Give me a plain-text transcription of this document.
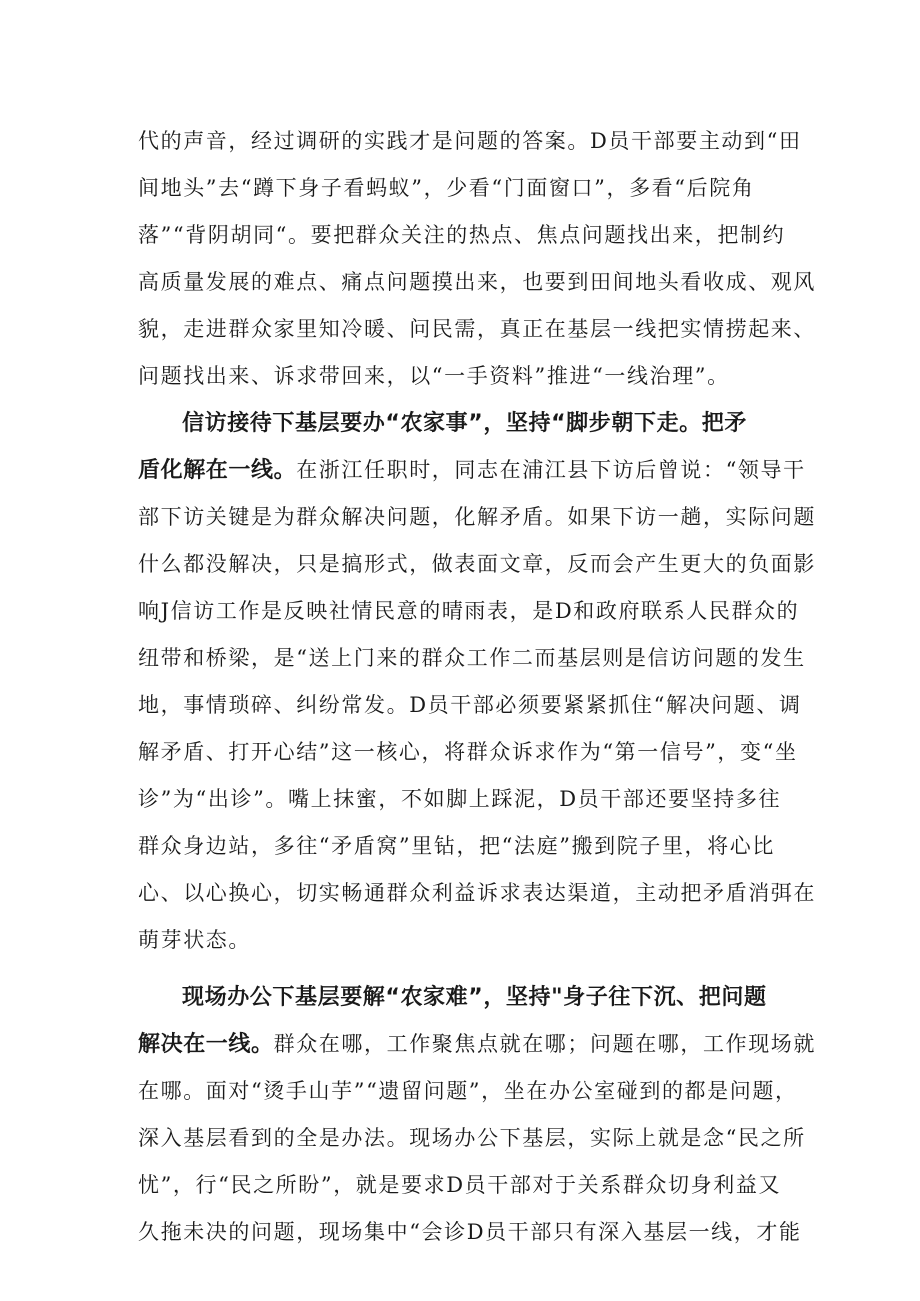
代的声音，经过调研的实践才是问题的答案。D员干部要主动到“田
间地头”去“蹲下身子看蚂蚁”，少看“门面窗口”，多看“后院角
落”“背阴胡同“。要把群众关注的热点、焦点问题找出来，把制约
高质量发展的难点、痛点问题摸出来，也要到田间地头看收成、观风
貌，走进群众家里知冷暖、问民需，真正在基层一线把实情捞起来、
问题找出来、诉求带回来，以“一手资料”推进“一线治理”。
信访接待下基层要办“农家事”，坚持“脚步朝下走。把矛
盾化解在一线。在浙江任职时，同志在浦江县下访后曾说：“领导干
部下访关键是为群众解决问题，化解矛盾。如果下访一趟，实际问题
什么都没解决，只是搞形式，做表面文章，反而会产生更大的负面影
响J信访工作是反映社情民意的晴雨表，是D和政府联系人民群众的
纽带和桥梁，是“送上门来的群众工作二而基层则是信访问题的发生
地，事情琐碎、纠纷常发。D员干部必须要紧紧抓住“解决问题、调
解矛盾、打开心结”这一核心，将群众诉求作为“第一信号”，变“坐
诊”为“出诊”。嘴上抹蜜，不如脚上踩泥，D员干部还要坚持多往
群众身边站，多往“矛盾窝”里钻，把“法庭”搬到院子里，将心比
心、以心换心，切实畅通群众利益诉求表达渠道，主动把矛盾消弭在
萌芽状态。
现场办公下基层要解“农家难”，坚持"身子往下沉、把问题
解决在一线。群众在哪，工作聚焦点就在哪；问题在哪，工作现场就
在哪。面对“烫手山芋”“遗留问题”，坐在办公室碰到的都是问题，
深入基层看到的全是办法。现场办公下基层，实际上就是念“民之所
忧”，行“民之所盼”，就是要求D员干部对于关系群众切身利益又
久拖未决的问题，现场集中“会诊D员干部只有深入基层一线，才能
